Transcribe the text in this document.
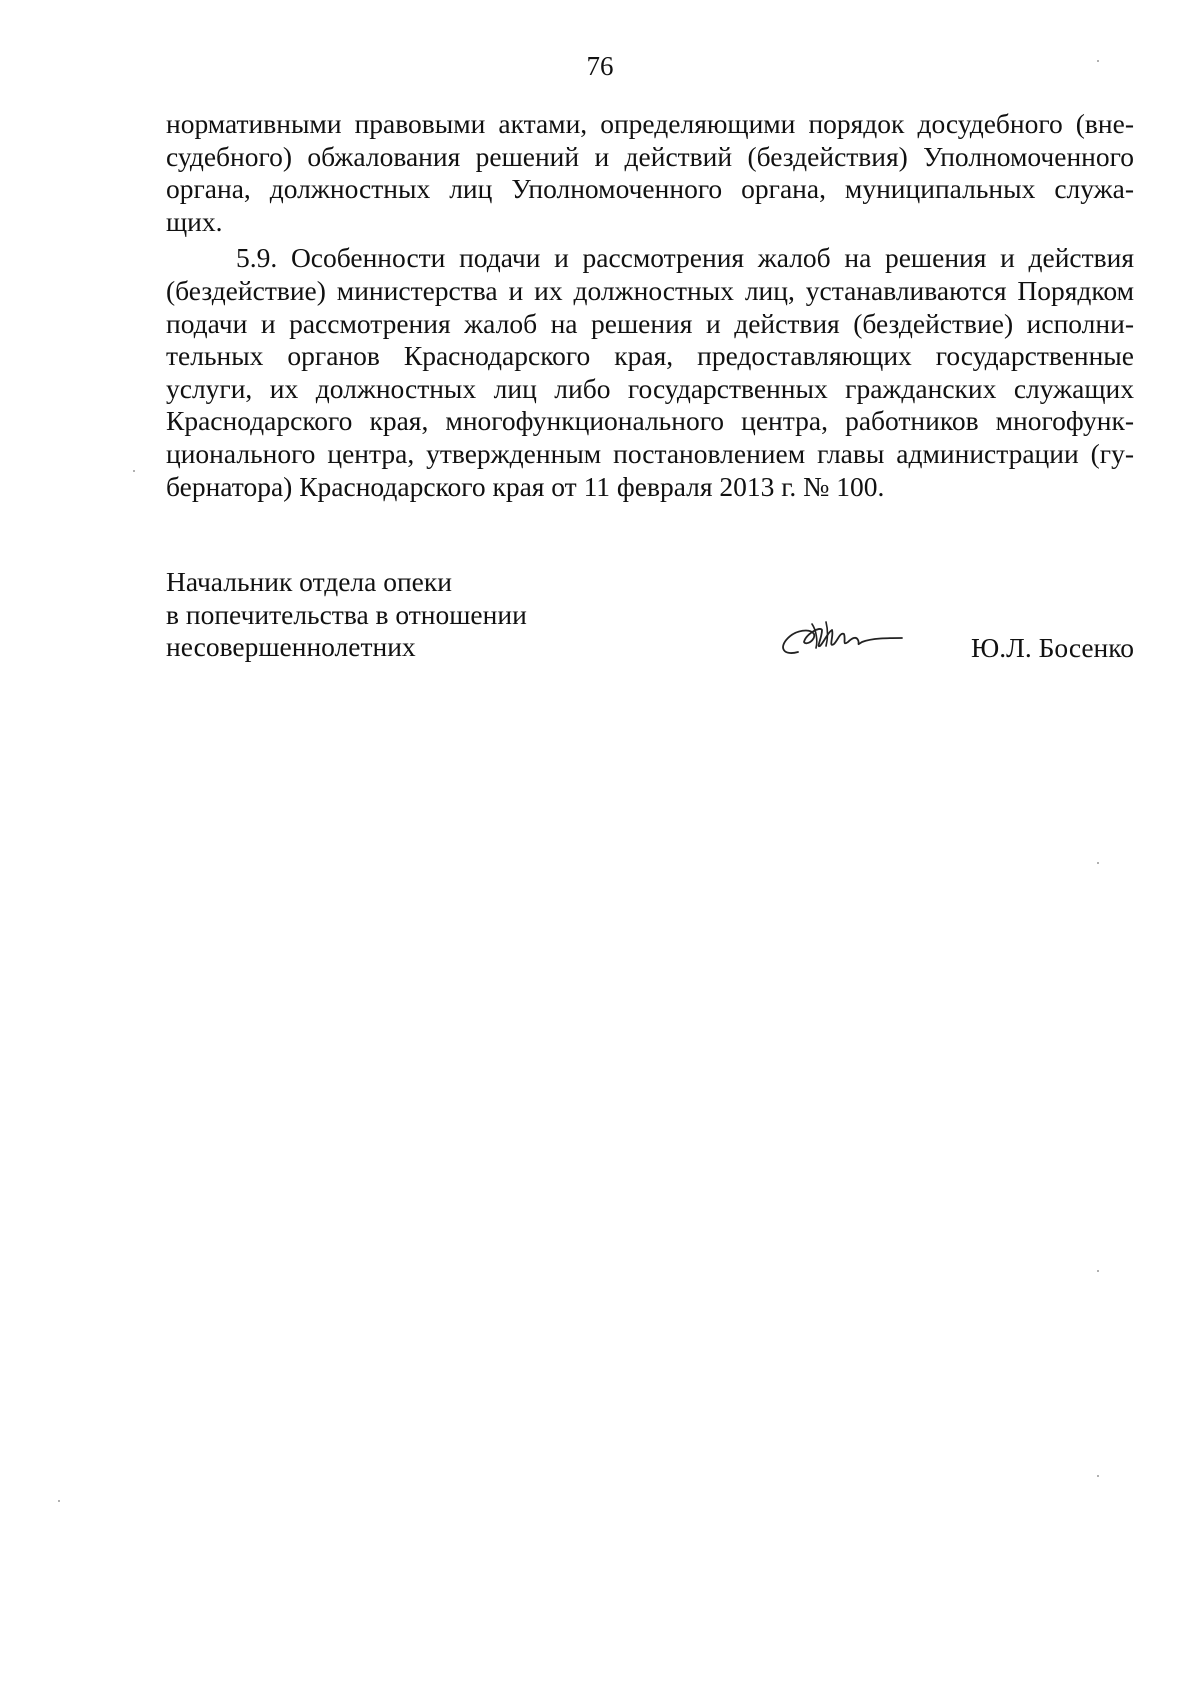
76
нормативными правовыми актами, определяющими порядок досудебного (вне-
судебного) обжалования решений и действий (бездействия) Уполномоченного
органа, должностных лиц Уполномоченного органа, муниципальных служа-
щих.
5.9. Особенности подачи и рассмотрения жалоб на решения и действия
(бездействие) министерства и их должностных лиц, устанавливаются Порядком
подачи и рассмотрения жалоб на решения и действия (бездействие) исполни-
тельных органов Краснодарского края, предоставляющих государственные
услуги, их должностных лиц либо государственных гражданских служащих
Краснодарского края, многофункционального центра, работников многофунк-
ционального центра, утвержденным постановлением главы администрации (гу-
бернатора) Краснодарского края от 11 февраля 2013 г. № 100.
Начальник отдела опеки
в попечительства в отношении
несовершеннолетних	Ю.Л. Босенко
